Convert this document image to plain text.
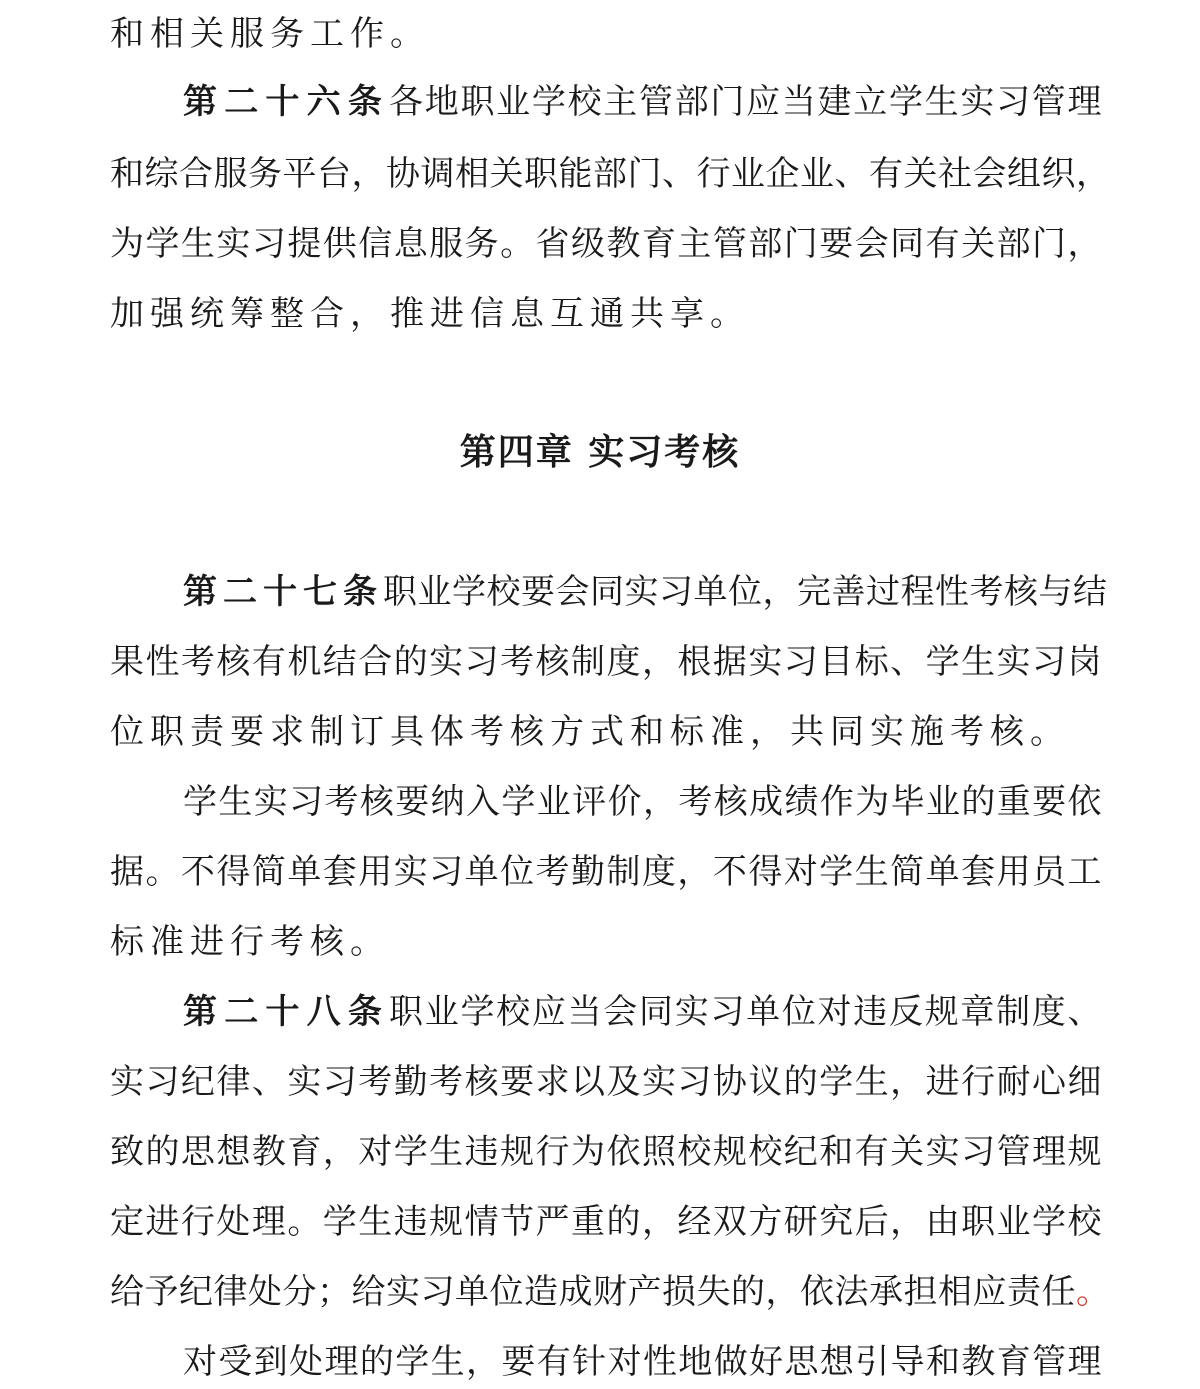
和相关服务工作。
第二十六条各地职业学校主管部门应当建立学生实习管理
和综合服务平台，协调相关职能部门、行业企业、有关社会组织，
为学生实习提供信息服务。省级教育主管部门要会同有关部门，
加强统筹整合，推进信息互通共享。
第四章 实习考核
第二十七条职业学校要会同实习单位，完善过程性考核与结
果性考核有机结合的实习考核制度，根据实习目标、学生实习岗
位职责要求制订具体考核方式和标准，共同实施考核。
学生实习考核要纳入学业评价，考核成绩作为毕业的重要依
据。不得简单套用实习单位考勤制度，不得对学生简单套用员工
标准进行考核。
第二十八条职业学校应当会同实习单位对违反规章制度、
实习纪律、实习考勤考核要求以及实习协议的学生，进行耐心细
致的思想教育，对学生违规行为依照校规校纪和有关实习管理规
定进行处理。学生违规情节严重的，经双方研究后，由职业学校
给予纪律处分；给实习单位造成财产损失的，依法承担相应责任。
对受到处理的学生，要有针对性地做好思想引导和教育管理
